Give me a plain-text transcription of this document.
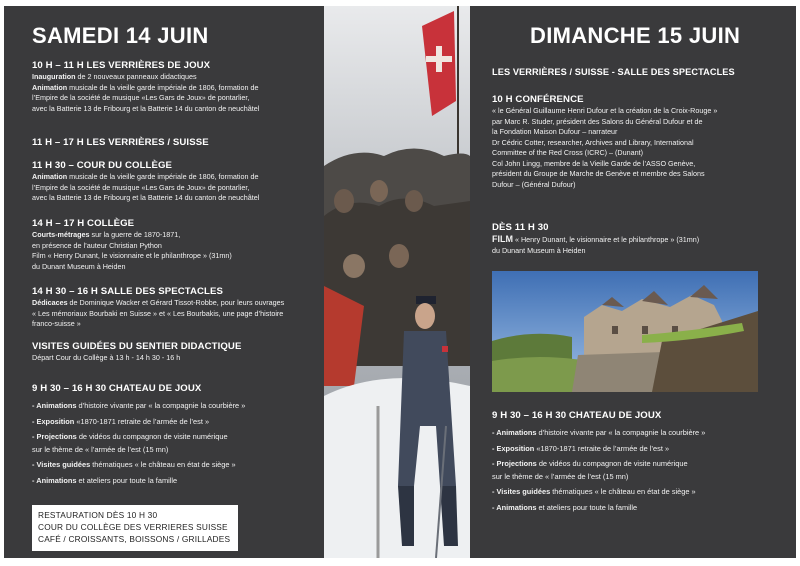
SAMEDI 14 JUIN
10 H – 11 H LES VERRIÈRES DE JOUX
Inauguration de 2 nouveaux panneaux didactiques
Animation musicale de la vieille garde impériale de 1806, formation de
l’Empire de la société de musique «Les Gars de Joux» de pontarlier,
avec la Batterie 13 de Fribourg et la Batterie 14 du canton de neuchâtel
11 H – 17 H LES VERRIÈRES / SUISSE
11 H 30 – COUR DU COLLÈGE
Animation musicale de la vieille garde impériale de 1806, formation de
l’Empire de la société de musique «Les Gars de Joux» de pontarlier,
avec la Batterie 13 de Fribourg et la Batterie 14 du canton de neuchâtel
14 H – 17 H COLLÈGE
Courts-métrages sur la guerre de 1870-1871,
en présence de l’auteur Christian Python
Film « Henry Dunant, le visionnaire et le philanthrope » (31mn)
du Dunant Museum à Heiden
14 H 30 – 16 H SALLE DES SPECTACLES
Dédicaces de Dominique Wacker et Gérard Tissot-Robbe, pour leurs ouvrages
« Les mémoriaux Bourbaki en Suisse » et « Les Bourbakis, une page d’histoire
franco-suisse »
VISITES GUIDÉES DU SENTIER DIDACTIQUE
Départ Cour du Collège à 13 h - 14 h 30 - 16 h
9 H 30 – 16 H 30 CHATEAU DE JOUX
- Animations d’histoire vivante par « la compagnie la courbière »
- Exposition «1870-1871 retraite de l’armée de l’est »
- Projections de vidéos du compagnon de visite numérique
sur le thème de « l’armée de l’est (15 mn)
- Visites guidées thématiques « le château en état de siège »
- Animations et ateliers pour toute la famille
RESTAURATION DÈS 10 H 30
COUR DU COLLÈGE DES VERRIERES SUISSE
CAFÉ / CROISSANTS, BOISSONS / GRILLADES
DIMANCHE 15 JUIN
LES VERRIÈRES / SUISSE - SALLE DES SPECTACLES
10 H CONFÉRENCE
« le Général Guillaume Henri Dufour et la création de la Croix-Rouge »
par Marc R. Studer, président des Salons du Général Dufour et de
la Fondation Maison Dufour – narrateur
Dr Cédric Cotter, researcher, Archives and Library, International
Committee of the Red Cross (ICRC) – (Dunant)
Col John Lingg, membre de la Vieille Garde de l’ASSO Genève,
président du Groupe de Marche de Genève et membre des Salons
Dufour – (Général Dufour)
DÈS 11 H 30
FILM « Henry Dunant, le visionnaire et le philanthrope » (31mn)
du Dunant Museum à Heiden
9 H 30 – 16 H 30 CHATEAU DE JOUX
- Animations d’histoire vivante par « la compagnie la courbière »
- Exposition «1870-1871 retraite de l’armée de l’est »
- Projections de vidéos du compagnon de visite numérique
sur le thème de « l’armée de l’est (15 mn)
- Visites guidées thématiques « le château en état de siège »
- Animations et ateliers pour toute la famille
